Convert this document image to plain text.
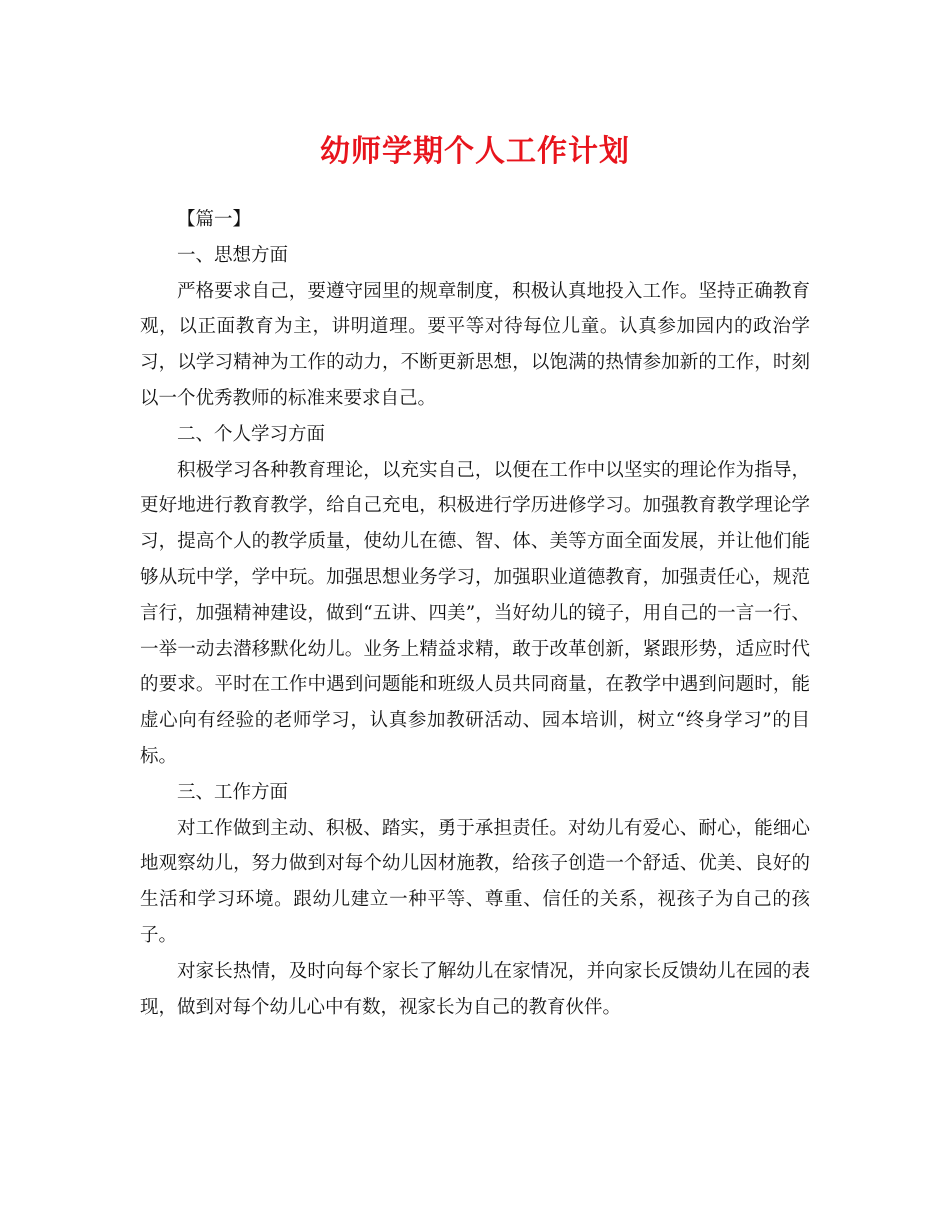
幼师学期个人工作计划

【篇一】

一、思想方面

严格要求自己，要遵守园里的规章制度，积极认真地投入工作。坚持正确教育观，以正面教育为主，讲明道理。要平等对待每位儿童。认真参加园内的政治学习，以学习精神为工作的动力，不断更新思想，以饱满的热情参加新的工作，时刻以一个优秀教师的标准来要求自己。

二、个人学习方面

积极学习各种教育理论，以充实自己，以便在工作中以坚实的理论作为指导，更好地进行教育教学，给自己充电，积极进行学历进修学习。加强教育教学理论学习，提高个人的教学质量，使幼儿在德、智、体、美等方面全面发展，并让他们能够从玩中学，学中玩。加强思想业务学习，加强职业道德教育，加强责任心，规范言行，加强精神建设，做到“五讲、四美”，当好幼儿的镜子，用自己的一言一行、一举一动去潜移默化幼儿。业务上精益求精，敢于改革创新，紧跟形势，适应时代的要求。平时在工作中遇到问题能和班级人员共同商量，在教学中遇到问题时，能虚心向有经验的老师学习，认真参加教研活动、园本培训，树立“终身学习”的目标。

三、工作方面

对工作做到主动、积极、踏实，勇于承担责任。对幼儿有爱心、耐心，能细心地观察幼儿，努力做到对每个幼儿因材施教，给孩子创造一个舒适、优美、良好的生活和学习环境。跟幼儿建立一种平等、尊重、信任的关系，视孩子为自己的孩子。

对家长热情，及时向每个家长了解幼儿在家情况，并向家长反馈幼儿在园的表现，做到对每个幼儿心中有数，视家长为自己的教育伙伴。
